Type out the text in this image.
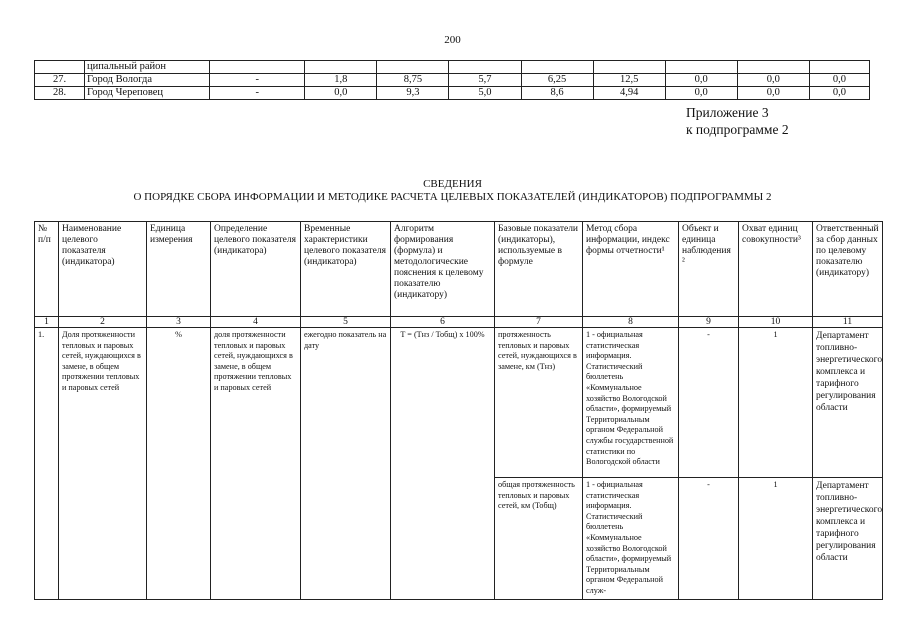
200
	ципальный район									
27.	Город Вологда	-	1,8	8,75	5,7	6,25	12,5	0,0	0,0	0,0
28.	Город Череповец	-	0,0	9,3	5,0	8,6	4,94	0,0	0,0	0,0
Приложение 3
к подпрограмме 2
СВЕДЕНИЯ
О ПОРЯДКЕ СБОРА ИНФОРМАЦИИ И МЕТОДИКЕ РАСЧЕТА ЦЕЛЕВЫХ ПОКАЗАТЕЛЕЙ (ИНДИКАТОРОВ) ПОДПРОГРАММЫ 2
№ п/п	Наименование целевого показателя (индикатора)	Единица измерения	Определение целевого показателя (индикатора)	Временные характеристики целевого показателя (индикатора)	Алгоритм формирования (формула) и методологические пояснения к целевому показателю (индикатору)	Базовые показатели (индикаторы), используемые в формуле	Метод сбора информации, индекс формы отчетности¹	Объект и единица наблюдения ²	Охват единиц совокупности³	Ответственный за сбор данных по целевому показателю (индикатору)
1	2	3	4	5	6	7	8	9	10	11
1.	Доля протяженности тепловых и паровых сетей, нуждающихся в замене, в общем протяжении тепловых и паровых сетей	%	доля протяженности тепловых и паровых сетей, нуждающихся в замене, в общем протяжении тепловых и паровых сетей	ежегодно показатель на дату	T = (Тнз / Тобщ) x 100%	протяженность тепловых и паровых сетей, нуждающихся в замене, км (Тнз)	1 - официальная статистическая информация. Статистический бюллетень «Коммунальное хозяйство Вологодской области», формируемый Территориальным органом Федеральной службы государственной статистики по Вологодской области	-	1	Департамент топливно-энергетического комплекса и тарифного регулирования области
						общая протяженность тепловых и паровых сетей, км (Тобщ)	1 - официальная статистическая информация. Статистический бюллетень «Коммунальное хозяйство Вологодской области», формируемый Территориальным органом Федеральной служ-	-	1	Департамент топливно-энергетического комплекса и тарифного регулирования области
